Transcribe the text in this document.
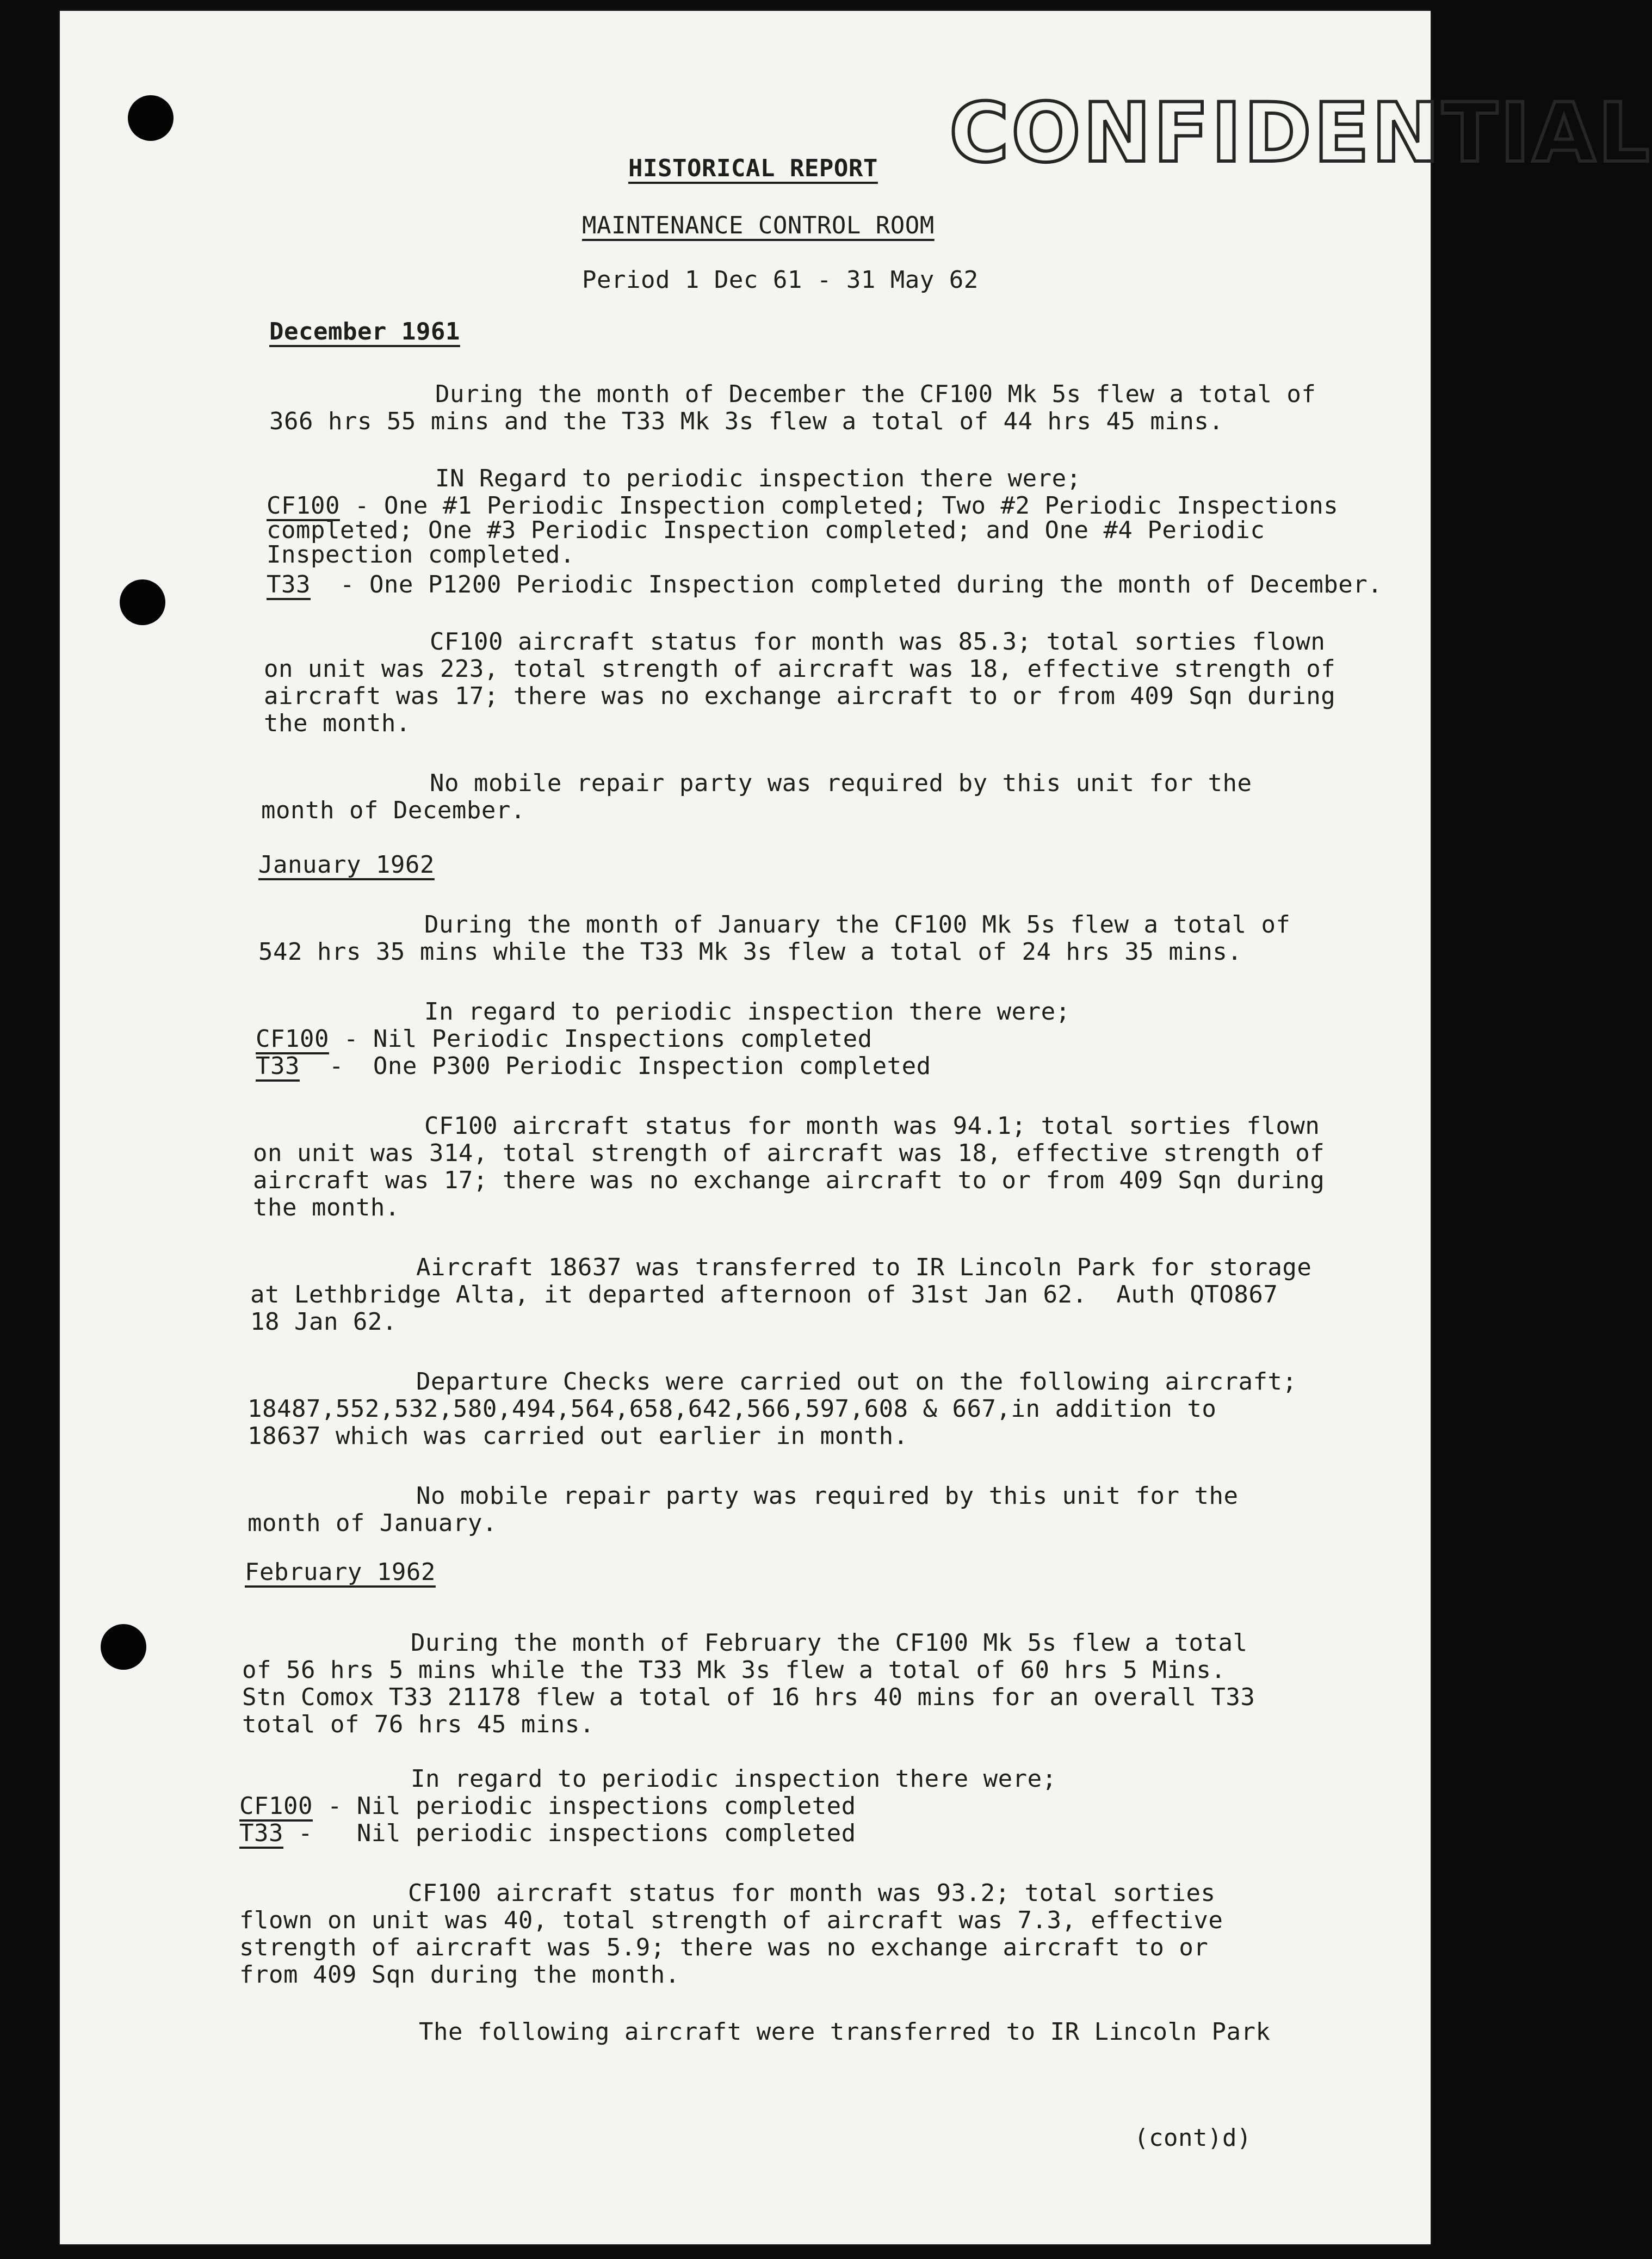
CONFIDENTIAL
HISTORICAL REPORT
MAINTENANCE CONTROL ROOM
Period 1 Dec 61 - 31 May 62
December 1961
During the month of December the CF100 Mk 5s flew a total of
366 hrs 55 mins and the T33 Mk 3s flew a total of 44 hrs 45 mins.
IN Regard to periodic inspection there were;
CF100 - One #1 Periodic Inspection completed; Two #2 Periodic Inspections
completed; One #3 Periodic Inspection completed; and One #4 Periodic
Inspection completed.
T33  - One P1200 Periodic Inspection completed during the month of December.
CF100 aircraft status for month was 85.3; total sorties flown
on unit was 223, total strength of aircraft was 18, effective strength of
aircraft was 17; there was no exchange aircraft to or from 409 Sqn during
the month.
No mobile repair party was required by this unit for the
month of December.
January 1962
During the month of January the CF100 Mk 5s flew a total of
542 hrs 35 mins while the T33 Mk 3s flew a total of 24 hrs 35 mins.
In regard to periodic inspection there were;
CF100 - Nil Periodic Inspections completed
T33  -  One P300 Periodic Inspection completed
CF100 aircraft status for month was 94.1; total sorties flown
on unit was 314, total strength of aircraft was 18, effective strength of
aircraft was 17; there was no exchange aircraft to or from 409 Sqn during
the month.
Aircraft 18637 was transferred to IR Lincoln Park for storage
at Lethbridge Alta, it departed afternoon of 31st Jan 62.  Auth QTO867
18 Jan 62.
Departure Checks were carried out on the following aircraft;
18487,552,532,580,494,564,658,642,566,597,608 & 667,in addition to
18637 which was carried out earlier in month.
No mobile repair party was required by this unit for the
month of January.
February 1962
During the month of February the CF100 Mk 5s flew a total
of 56 hrs 5 mins while the T33 Mk 3s flew a total of 60 hrs 5 Mins.
Stn Comox T33 21178 flew a total of 16 hrs 40 mins for an overall T33
total of 76 hrs 45 mins.
In regard to periodic inspection there were;
CF100 - Nil periodic inspections completed
T33 -   Nil periodic inspections completed
CF100 aircraft status for month was 93.2; total sorties
flown on unit was 40, total strength of aircraft was 7.3, effective
strength of aircraft was 5.9; there was no exchange aircraft to or
from 409 Sqn during the month.
The following aircraft were transferred to IR Lincoln Park
(cont)d)
